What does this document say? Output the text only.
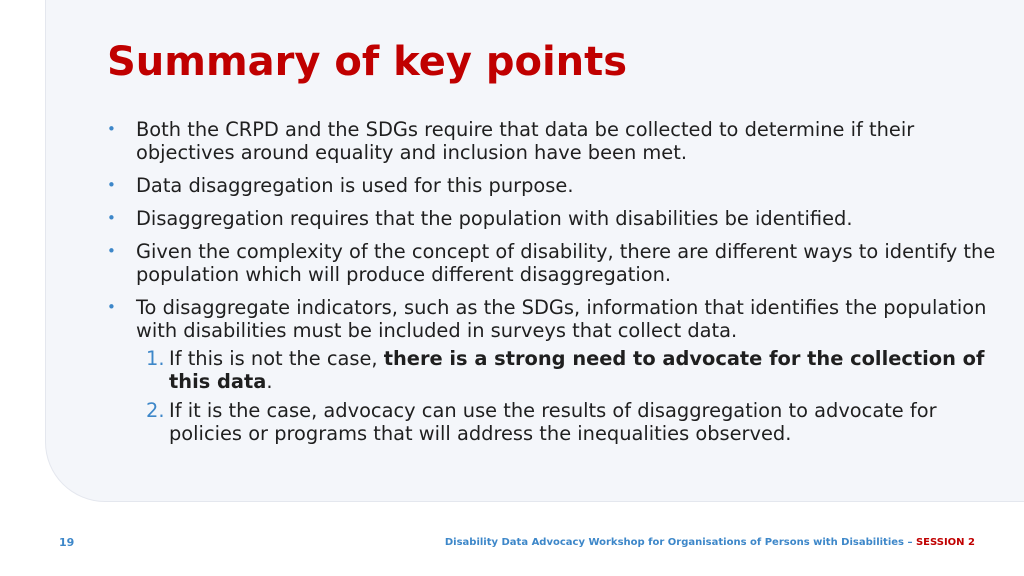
Summary of key points
•	Both the CRPD and the SDGs require that data be collected to determine if their objectives around equality and inclusion have been met.
•	Data disaggregation is used for this purpose.
•	Disaggregation requires that the population with disabilities be identified.
•	Given the complexity of the concept of disability, there are different ways to identify the population which will produce different disaggregation.
•	To disaggregate indicators, such as the SDGs, information that identifies the population with disabilities must be included in surveys that collect data.
1. If this is not the case, there is a strong need to advocate for the collection of this data.
2. If it is the case, advocacy can use the results of disaggregation to advocate for policies or programs that will address the inequalities observed.
19	Disability Data Advocacy Workshop for Organisations of Persons with Disabilities – SESSION 2
